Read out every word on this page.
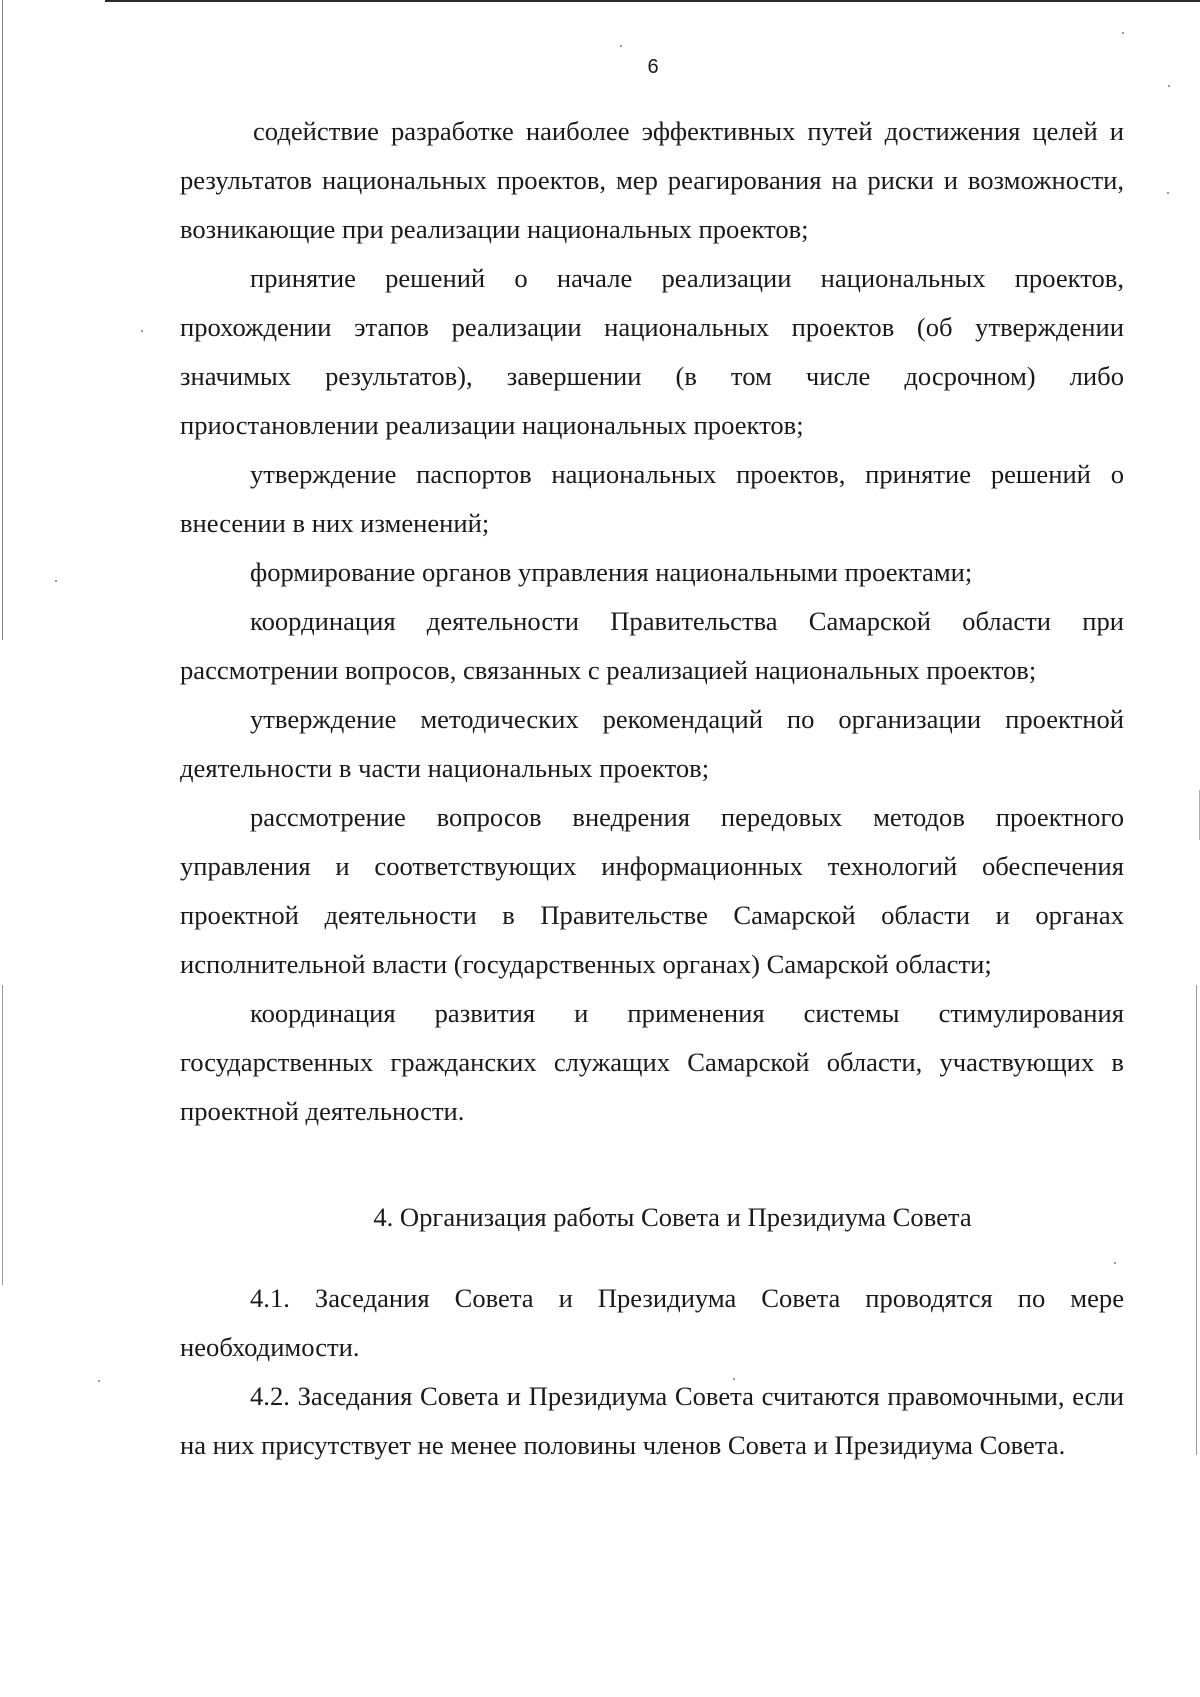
6

содействие разработке наиболее эффективных путей достижения целей и результатов национальных проектов, мер реагирования на риски и возможности, возникающие при реализации национальных проектов;

принятие решений о начале реализации национальных проектов, прохождении этапов реализации национальных проектов (об утверждении значимых результатов), завершении (в том числе досрочном) либо приостановлении реализации национальных проектов;

утверждение паспортов национальных проектов, принятие решений о внесении в них изменений;

формирование органов управления национальными проектами;

координация деятельности Правительства Самарской области при рассмотрении вопросов, связанных с реализацией национальных проектов;

утверждение методических рекомендаций по организации проектной деятельности в части национальных проектов;

рассмотрение вопросов внедрения передовых методов проектного управления и соответствующих информационных технологий обеспечения проектной деятельности в Правительстве Самарской области и органах исполнительной власти (государственных органах) Самарской области;

координация развития и применения системы стимулирования государственных гражданских служащих Самарской области, участвующих в проектной деятельности.

4. Организация работы Совета и Президиума Совета

4.1. Заседания Совета и Президиума Совета проводятся по мере необходимости.

4.2. Заседания Совета и Президиума Совета считаются правомочными, если на них присутствует не менее половины членов Совета и Президиума Совета.
